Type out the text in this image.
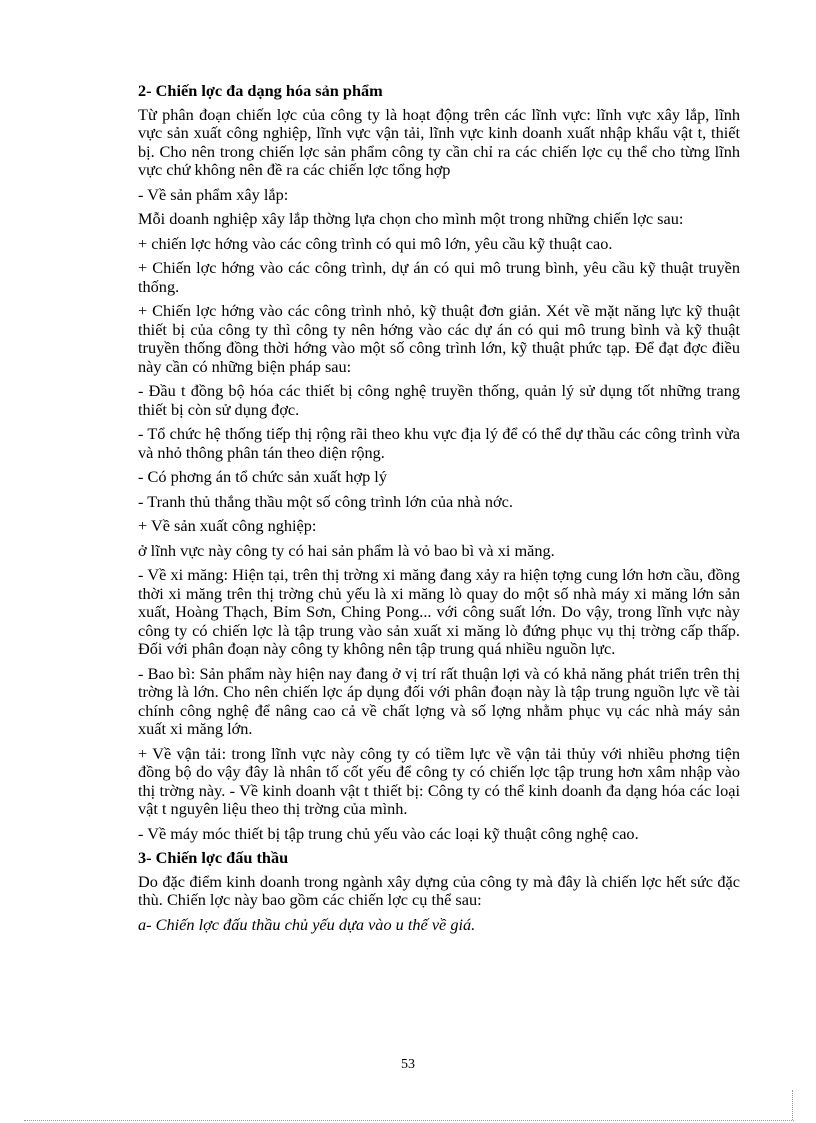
2- Chiến lợc đa dạng hóa sản phẩm

Từ phân đoạn chiến lợc của công ty là hoạt động trên các lĩnh vực: lĩnh vực xây lắp, lĩnh vực sản xuất công nghiệp, lĩnh vực vận tải, lĩnh vực kinh doanh xuất nhập khẩu vật t, thiết bị. Cho nên trong chiến lợc sản phẩm công ty cần chỉ ra các chiến lợc cụ thể cho từng lĩnh vực chứ không nên đề ra các chiến lợc tổng hợp

- Về sản phẩm xây lắp:

Mỗi doanh nghiệp xây lắp thờng lựa chọn cho mình một trong những chiến lợc sau:

+ chiến lợc hớng vào các công trình có qui mô lớn, yêu cầu kỹ thuật cao.

+ Chiến lợc hớng vào các công trình, dự án có qui mô trung bình, yêu cầu kỹ thuật truyền thống.

+ Chiến lợc hớng vào các công trình nhỏ, kỹ thuật đơn giản. Xét về mặt năng lực kỹ thuật thiết bị của công ty thì công ty nên hớng vào các dự án có qui mô trung bình và kỹ thuật truyền thống đồng thời hớng vào một số công trình lớn, kỹ thuật phức tạp. Để đạt đợc điều này cần có những biện pháp sau:

- Đầu t đồng bộ hóa các thiết bị công nghệ truyền thống, quản lý sử dụng tốt những trang thiết bị còn sử dụng đợc.

- Tổ chức hệ thống tiếp thị rộng rãi theo khu vực địa lý để có thể dự thầu các công trình vừa và nhỏ thông phân tán theo diện rộng.

- Có phơng án tổ chức sản xuất hợp lý

- Tranh thủ thắng thầu một số công trình lớn của nhà nớc.

+ Về sản xuất công nghiệp:

ở lĩnh vực này công ty có hai sản phẩm là vỏ bao bì và xi măng.

- Về xi măng: Hiện tại, trên thị trờng xi măng đang xảy ra hiện tợng cung lớn hơn cầu, đồng thời xi măng trên thị trờng chủ yếu là xi măng lò quay do một số nhà máy xi măng lớn sản xuất, Hoàng Thạch, Bỉm Sơn, Ching Pong... với công suất lớn. Do vậy, trong lĩnh vực này công ty có chiến lợc là tập trung vào sản xuất xi măng lò đứng phục vụ thị trờng cấp thấp. Đối với phân đoạn này công ty không nên tập trung quá nhiều nguồn lực.

- Bao bì: Sản phẩm này hiện nay đang ở vị trí rất thuận lợi và có khả năng phát triển trên thị trờng là lớn. Cho nên chiến lợc áp dụng đối với phân đoạn này là tập trung nguồn lực về tài chính công nghệ để nâng cao cả về chất lợng và số lợng nhằm phục vụ các nhà máy sản xuất xi măng lớn.

+ Về vận tải: trong lĩnh vực này công ty có tiềm lực về vận tải thủy với nhiều phơng tiện đồng bộ do vậy đây là nhân tố cốt yếu để công ty có chiến lợc tập trung hơn xâm nhập vào thị trờng này. - Về kinh doanh vật t thiết bị: Công ty có thể kinh doanh đa dạng hóa các loại vật t nguyên liệu theo thị trờng của mình.

- Về máy móc thiết bị tập trung chủ yếu vào các loại kỹ thuật công nghệ cao.

3- Chiến lợc đấu thầu

Do đặc điểm kinh doanh trong ngành xây dựng của công ty mà đây là chiến lợc hết sức đặc thù. Chiến lợc này bao gồm các chiến lợc cụ thể sau:

a- Chiến lợc đấu thầu chủ yếu dựa vào u thế về giá.

53
